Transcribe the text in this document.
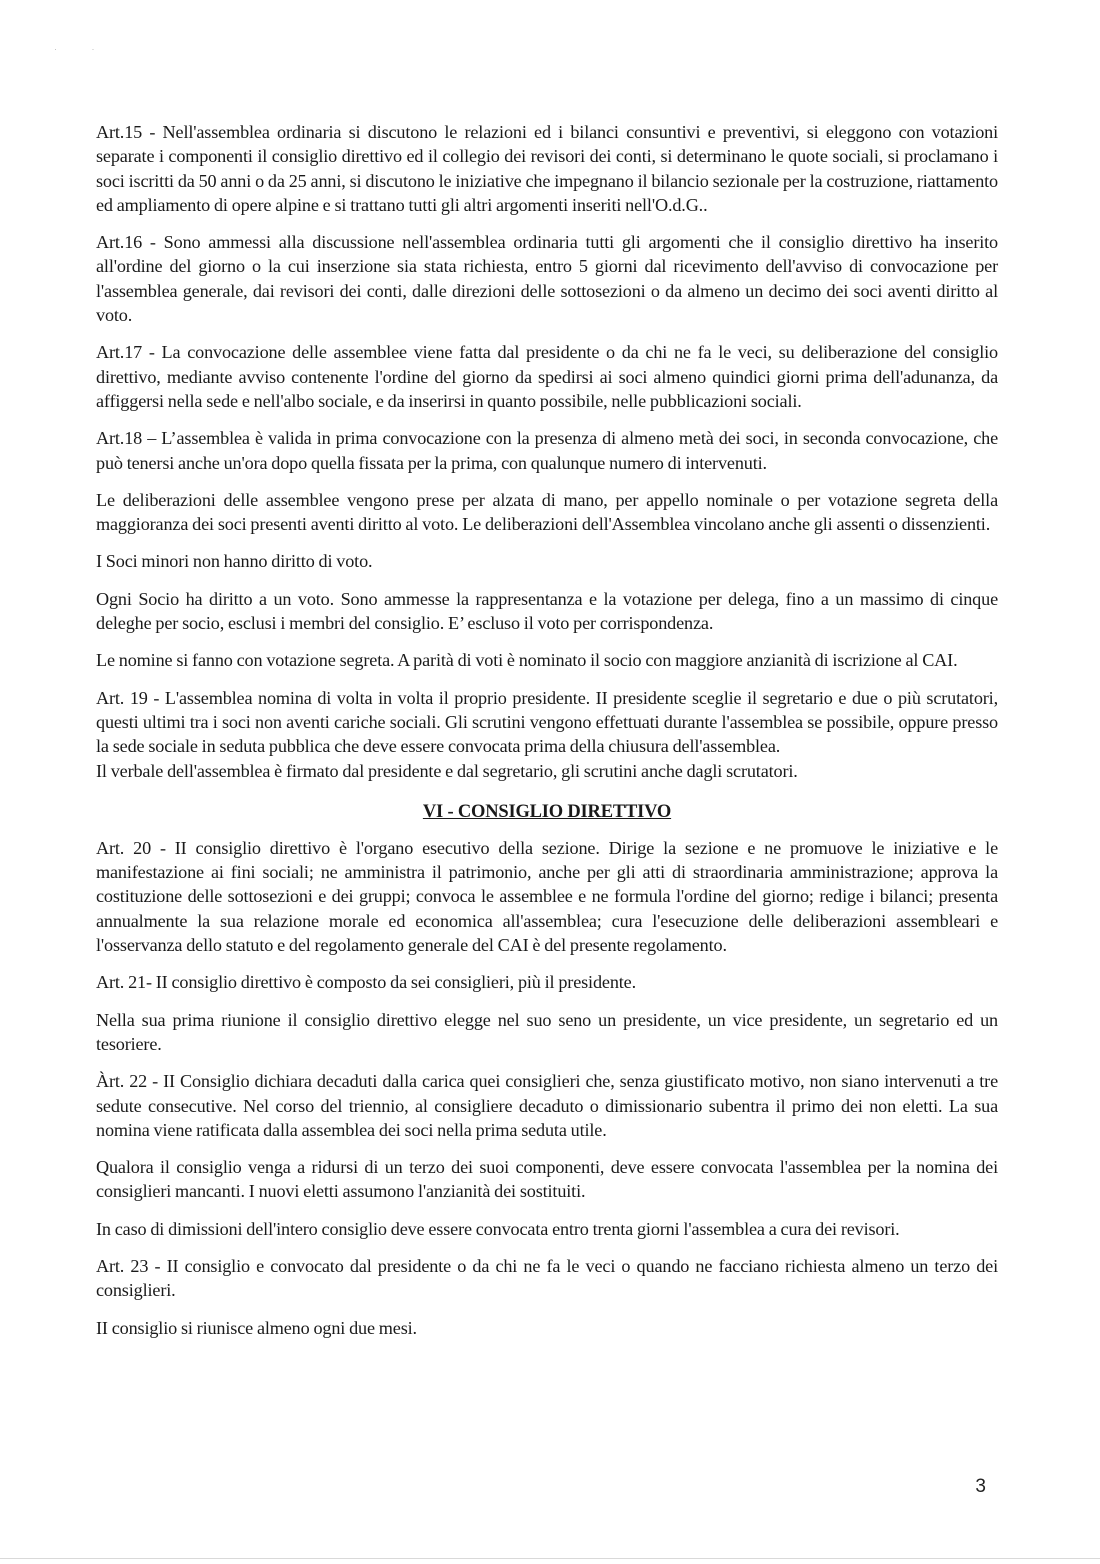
· ·

Art.15 - Nell'assemblea ordinaria si discutono le relazioni ed i bilanci consuntivi e preventivi, si eleggono con votazioni separate i componenti il consiglio direttivo ed il collegio dei revisori dei conti, si determinano le quote sociali, si proclamano i soci iscritti da 50 anni o da 25 anni, si discutono le iniziative che impegnano il bilancio sezionale per la costruzione, riattamento ed ampliamento di opere alpine e si trattano tutti gli altri argomenti inseriti nell'O.d.G..

Art.16 - Sono ammessi alla discussione nell'assemblea ordinaria tutti gli argomenti che il consiglio direttivo ha inserito all'ordine del giorno o la cui inserzione sia stata richiesta, entro 5 giorni dal ricevimento dell'avviso di convocazione per l'assemblea generale, dai revisori dei conti, dalle direzioni delle sottosezioni o da almeno un decimo dei soci aventi diritto al voto.

Art.17 - La convocazione delle assemblee viene fatta dal presidente o da chi ne fa le veci, su deliberazione del consiglio direttivo, mediante avviso contenente l'ordine del giorno da spedirsi ai soci almeno quindici giorni prima dell'adunanza, da affiggersi nella sede e nell'albo sociale, e da inserirsi in quanto possibile, nelle pubblicazioni sociali.

Art.18 – L’assemblea è valida in prima convocazione con la presenza di almeno metà dei soci, in seconda convocazione, che può tenersi anche un'ora dopo quella fissata per la prima, con qualunque numero di intervenuti.

Le deliberazioni delle assemblee vengono prese per alzata di mano, per appello nominale o per votazione segreta della maggioranza dei soci presenti aventi diritto al voto. Le deliberazioni dell'Assemblea vincolano anche gli assenti o dissenzienti.

I Soci minori non hanno diritto di voto.

Ogni Socio ha diritto a un voto. Sono ammesse la rappresentanza e la votazione per delega, fino a un massimo di cinque deleghe per socio, esclusi i membri del consiglio. E’ escluso il voto per corrispondenza.

Le nomine si fanno con votazione segreta. A parità di voti è nominato il socio con maggiore anzianità di iscrizione al CAI.

Art. 19 - L'assemblea nomina di volta in volta il proprio presidente. II presidente sceglie il segretario e due o più scrutatori, questi ultimi tra i soci non aventi cariche sociali. Gli scrutini vengono effettuati durante l'assemblea se possibile, oppure presso la sede sociale in seduta pubblica che deve essere convocata prima della chiusura dell'assemblea.

Il verbale dell'assemblea è firmato dal presidente e dal segretario, gli scrutini anche dagli scrutatori.

VI - CONSIGLIO DIRETTIVO

Art. 20 - II consiglio direttivo è l'organo esecutivo della sezione. Dirige la sezione e ne promuove le iniziative e le manifestazione ai fini sociali; ne amministra il patrimonio, anche per gli atti di straordinaria amministrazione; approva la costituzione delle sottosezioni e dei gruppi; convoca le assemblee e ne formula l'ordine del giorno; redige i bilanci; presenta annualmente la sua relazione morale ed economica all'assemblea; cura l'esecuzione delle deliberazioni assembleari e l'osservanza dello statuto e del regolamento generale del CAI è del presente regolamento.

Art. 21- II consiglio direttivo è composto da sei consiglieri, più il presidente.

Nella sua prima riunione il consiglio direttivo elegge nel suo seno un presidente, un vice presidente, un segretario ed un tesoriere.

Àrt. 22 - II Consiglio dichiara decaduti dalla carica quei consiglieri che, senza giustificato motivo, non siano intervenuti a tre sedute consecutive. Nel corso del triennio, al consigliere decaduto o dimissionario subentra il primo dei non eletti. La sua nomina viene ratificata dalla assemblea dei soci nella prima seduta utile.

Qualora il consiglio venga a ridursi di un terzo dei suoi componenti, deve essere convocata l'assemblea per la nomina dei consiglieri mancanti. I nuovi eletti assumono l'anzianità dei sostituiti.

In caso di dimissioni dell'intero consiglio deve essere convocata entro trenta giorni l'assemblea a cura dei revisori.

Art. 23 - II consiglio e convocato dal presidente o da chi ne fa le veci o quando ne facciano richiesta almeno un terzo dei consiglieri.

II consiglio si riunisce almeno ogni due mesi.

3
